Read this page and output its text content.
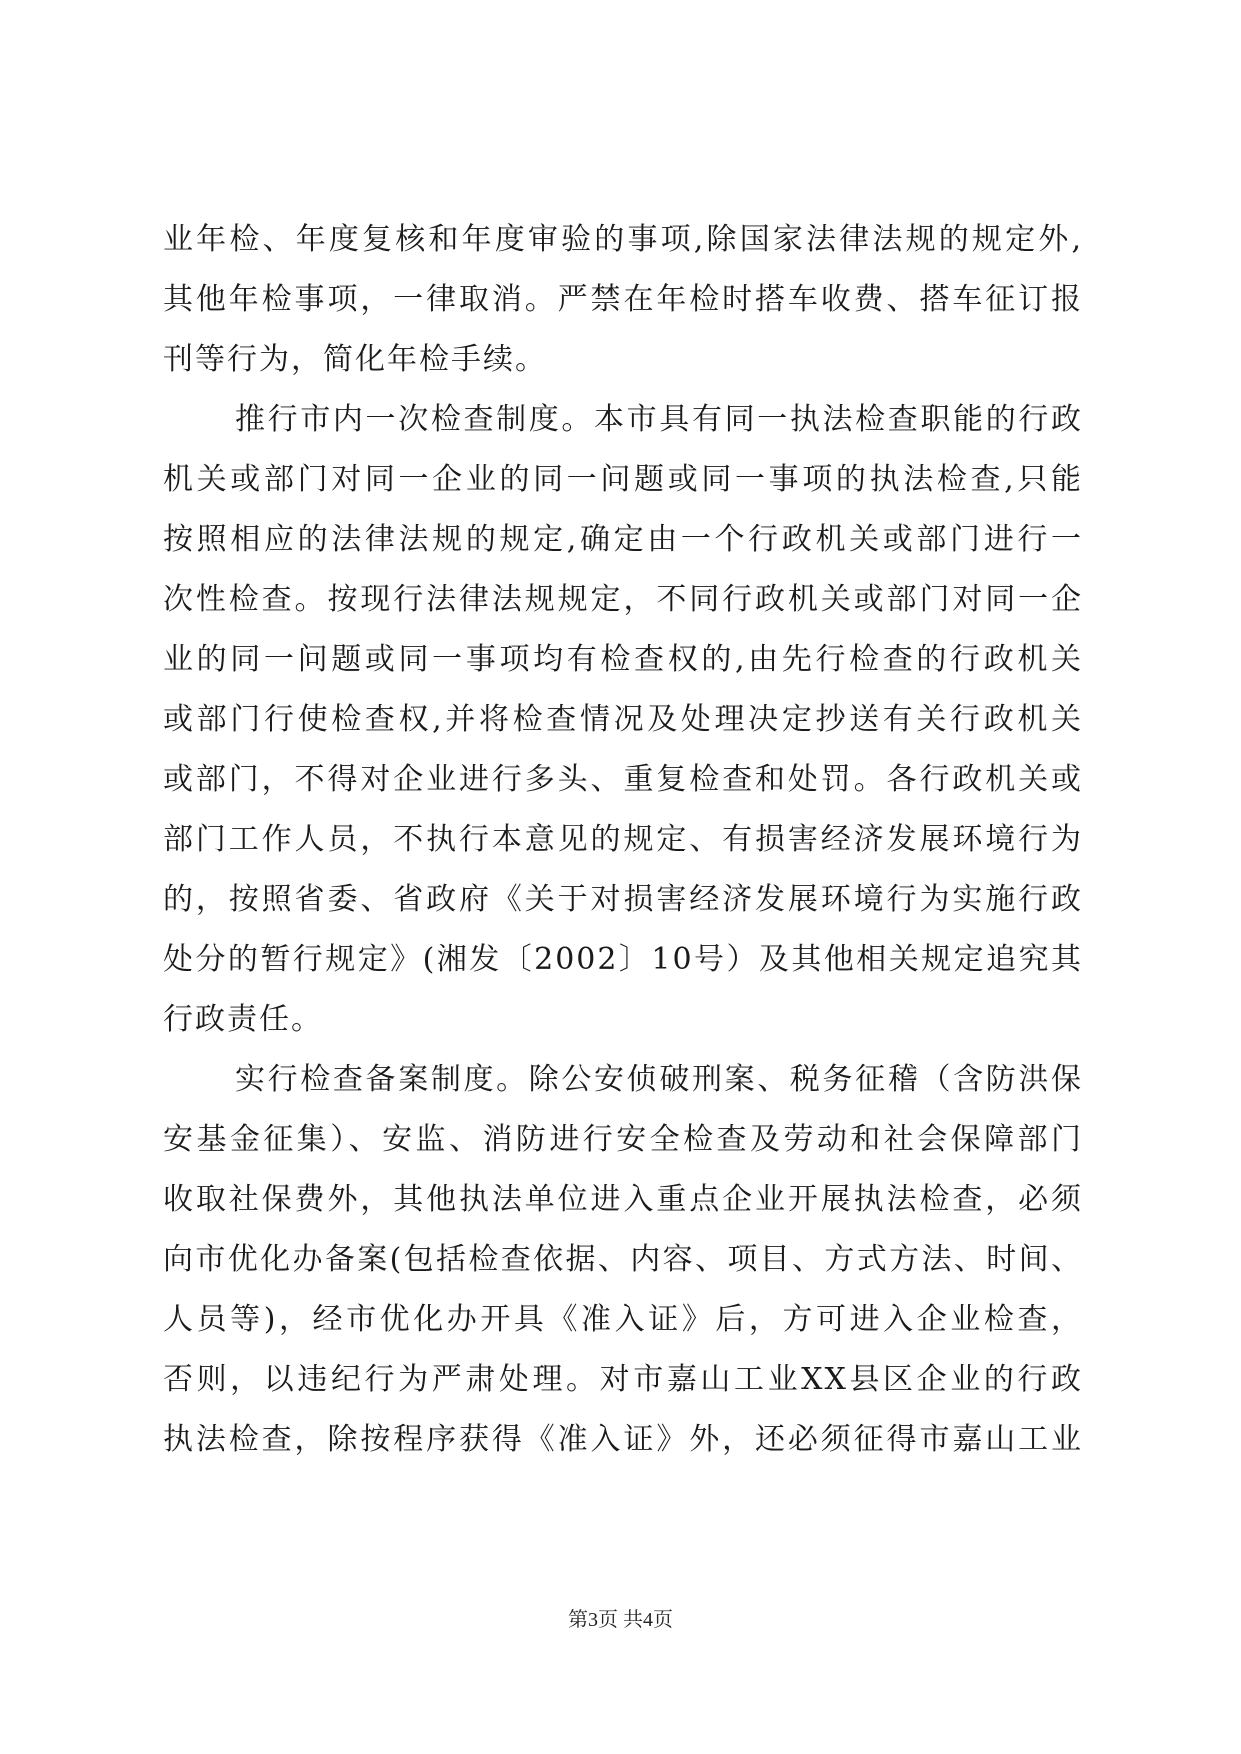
业年检、年度复核和年度审验的事项,除国家法律法规的规定外,
其他年检事项，一律取消。严禁在年检时搭车收费、搭车征订报
刊等行为，简化年检手续。
推行市内一次检查制度。本市具有同一执法检查职能的行政
机关或部门对同一企业的同一问题或同一事项的执法检查,只能
按照相应的法律法规的规定,确定由一个行政机关或部门进行一
次性检查。按现行法律法规规定，不同行政机关或部门对同一企
业的同一问题或同一事项均有检查权的,由先行检查的行政机关
或部门行使检查权,并将检查情况及处理决定抄送有关行政机关
或部门，不得对企业进行多头、重复检查和处罚。各行政机关或
部门工作人员，不执行本意见的规定、有损害经济发展环境行为
的，按照省委、省政府《关于对损害经济发展环境行为实施行政
处分的暂行规定》(湘发〔2002〕10号）及其他相关规定追究其
行政责任。
实行检查备案制度。除公安侦破刑案、税务征稽（含防洪保
安基金征集）、安监、消防进行安全检查及劳动和社会保障部门
收取社保费外，其他执法单位进入重点企业开展执法检查，必须
向市优化办备案(包括检查依据、内容、项目、方式方法、时间、
人员等)，经市优化办开具《准入证》后，方可进入企业检查，
否则，以违纪行为严肃处理。对市嘉山工业XX县区企业的行政
执法检查，除按程序获得《准入证》外，还必须征得市嘉山工业
第3页 共4页
